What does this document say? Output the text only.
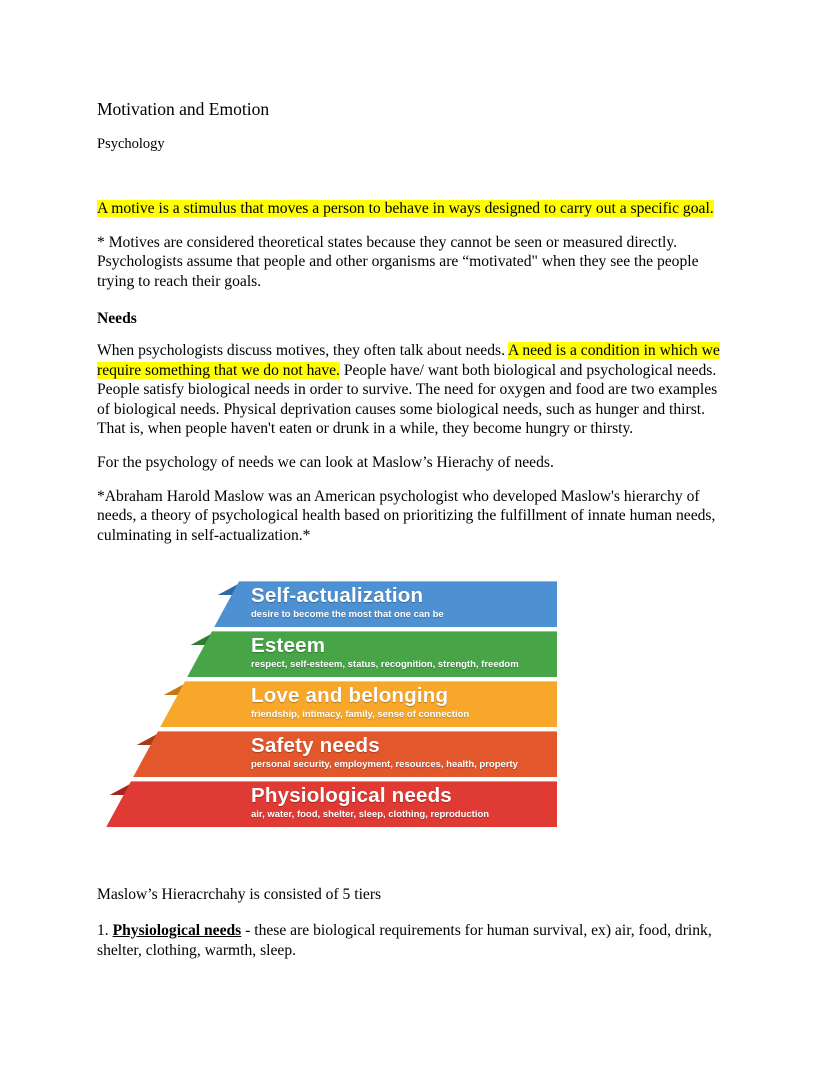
Motivation and Emotion
Psychology

A motive is a stimulus that moves a person to behave in ways designed to carry out a specific goal.

* Motives are considered theoretical states because they cannot be seen or measured directly. Psychologists assume that people and other organisms are “motivated" when they see the people trying to reach their goals.

Needs

When psychologists discuss motives, they often talk about needs. A need is a condition in which we require something that we do not have. People have/ want both biological and psychological needs. People satisfy biological needs in order to survive. The need for oxygen and food are two examples of biological needs. Physical deprivation causes some biological needs, such as hunger and thirst. That is, when people haven't eaten or drunk in a while, they become hungry or thirsty.

For the psychology of needs we can look at Maslow’s Hierachy of needs.

*Abraham Harold Maslow was an American psychologist who developed Maslow's hierarchy of needs, a theory of psychological health based on prioritizing the fulfillment of innate human needs, culminating in self-actualization.*

Self-actualization
desire to become the most that one can be
Esteem
respect, self-esteem, status, recognition, strength, freedom
Love and belonging
friendship, intimacy, family, sense of connection
Safety needs
personal security, employment, resources, health, property
Physiological needs
air, water, food, shelter, sleep, clothing, reproduction

Maslow’s Hieracrchahy is consisted of 5 tiers

1. Physiological needs - these are biological requirements for human survival, ex) air, food, drink, shelter, clothing, warmth, sleep.
